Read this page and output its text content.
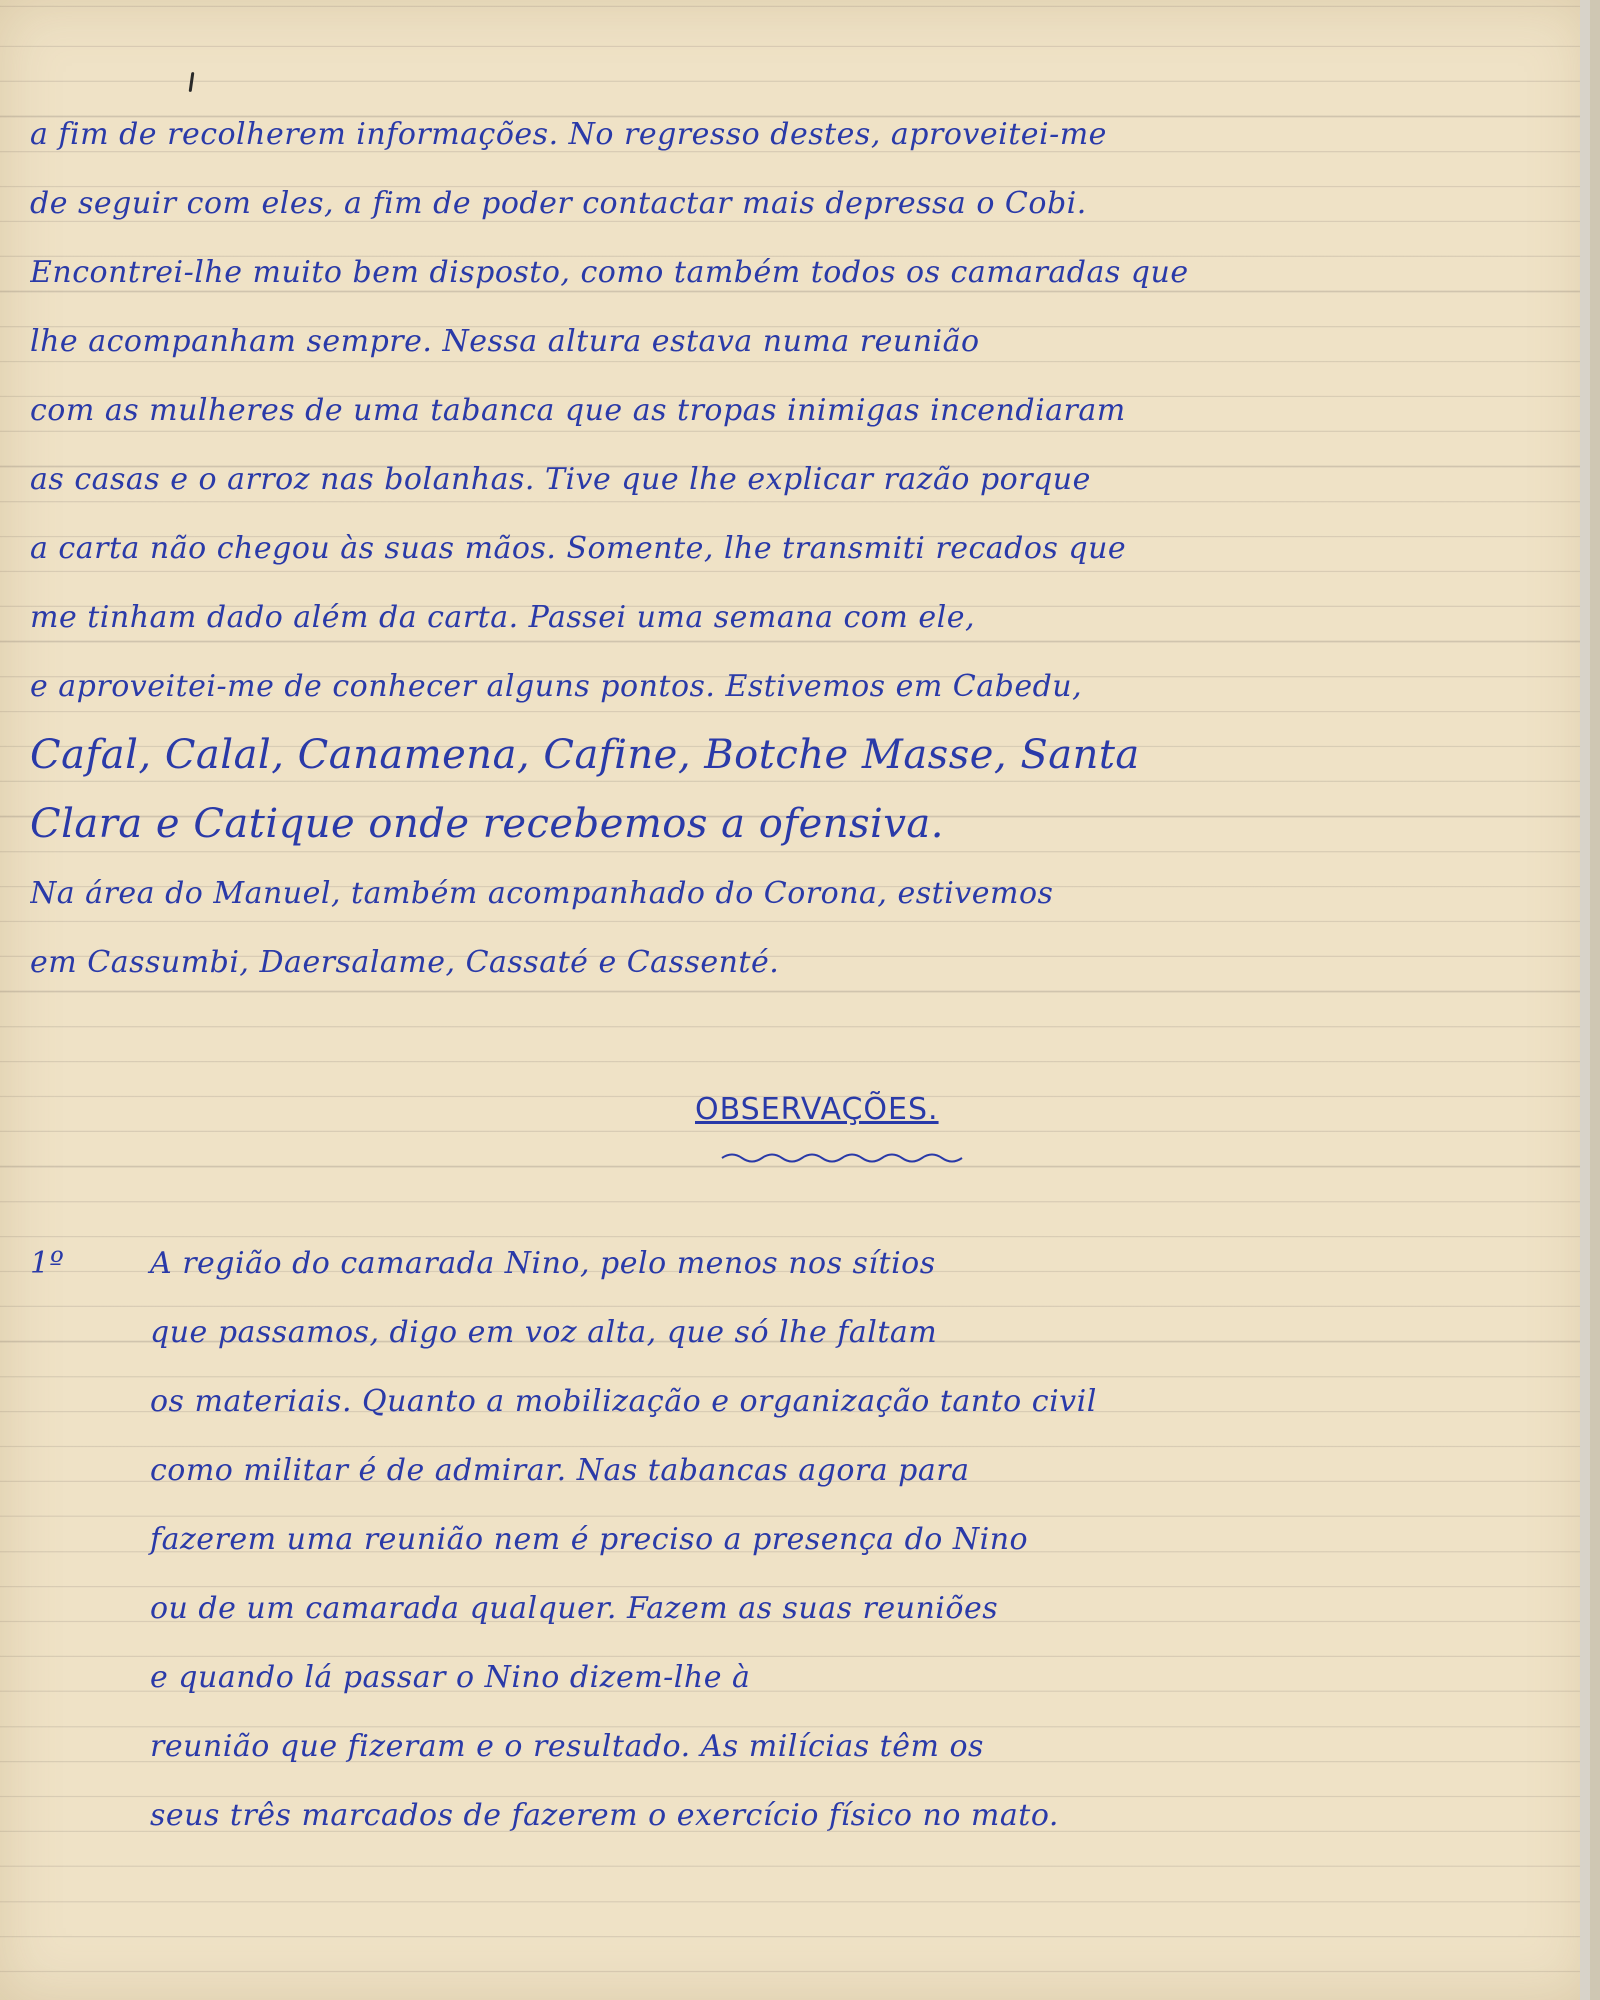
a fim de recolherem informações. No regresso destes, aproveitei-me
de seguir com eles, a fim de poder contactar mais depressa o Cobi.
Encontrei-lhe muito bem disposto, como também todos os camaradas que
lhe acompanham sempre. Nessa altura estava numa reunião
com as mulheres de uma tabanca que as tropas inimigas incendiaram
as casas e o arroz nas bolanhas. Tive que lhe explicar razão porque
a carta não chegou às suas mãos. Somente, lhe transmiti recados que
me tinham dado além da carta. Passei uma semana com ele,
e aproveitei-me de conhecer alguns pontos. Estivemos em Cabedu,
Cafal, Calal, Canamena, Cafine, Botche Masse, Santa
Clara e Catique onde recebemos a ofensiva.
Na área do Manuel, também acompanhado do Corona, estivemos
em Cassumbi, Daersalame, Cassaté e Cassenté.
OBSERVAÇÕES.
1º	A região do camarada Nino, pelo menos nos sítios
que passamos, digo em voz alta, que só lhe faltam
os materiais. Quanto a mobilização e organização tanto civil
como militar é de admirar. Nas tabancas agora para
fazerem uma reunião nem é preciso a presença do Nino
ou de um camarada qualquer. Fazem as suas reuniões
e quando lá passar o Nino dizem-lhe à
reunião que fizeram e o resultado. As milícias têm os
seus três marcados de fazerem o exercício físico no mato.
